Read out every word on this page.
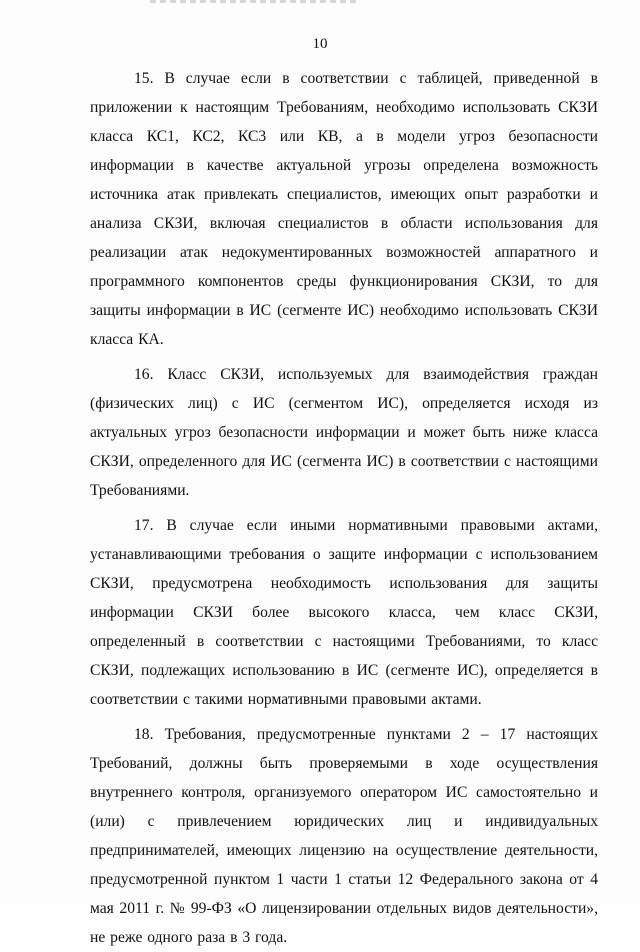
10

15. В случае если в соответствии с таблицей, приведенной в приложении к настоящим Требованиям, необходимо использовать СКЗИ класса КС1, КС2, КС3 или КВ, а в модели угроз безопасности информации в качестве актуальной угрозы определена возможность источника атак привлекать специалистов, имеющих опыт разработки и анализа СКЗИ, включая специалистов в области использования для реализации атак недокументированных возможностей аппаратного и программного компонентов среды функционирования СКЗИ, то для защиты информации в ИС (сегменте ИС) необходимо использовать СКЗИ класса КА.

16. Класс СКЗИ, используемых для взаимодействия граждан (физических лиц) с ИС (сегментом ИС), определяется исходя из актуальных угроз безопасности информации и может быть ниже класса СКЗИ, определенного для ИС (сегмента ИС) в соответствии с настоящими Требованиями.

17. В случае если иными нормативными правовыми актами, устанавливающими требования о защите информации с использованием СКЗИ, предусмотрена необходимость использования для защиты информации СКЗИ более высокого класса, чем класс СКЗИ, определенный в соответствии с настоящими Требованиями, то класс СКЗИ, подлежащих использованию в ИС (сегменте ИС), определяется в соответствии с такими нормативными правовыми актами.

18. Требования, предусмотренные пунктами 2 – 17 настоящих Требований, должны быть проверяемыми в ходе осуществления внутреннего контроля, организуемого оператором ИС самостоятельно и (или) с привлечением юридических лиц и индивидуальных предпринимателей, имеющих лицензию на осуществление деятельности, предусмотренной пунктом 1 части 1 статьи 12 Федерального закона от 4 мая 2011 г. № 99-ФЗ «О лицензировании отдельных видов деятельности», не реже одного раза в 3 года.
